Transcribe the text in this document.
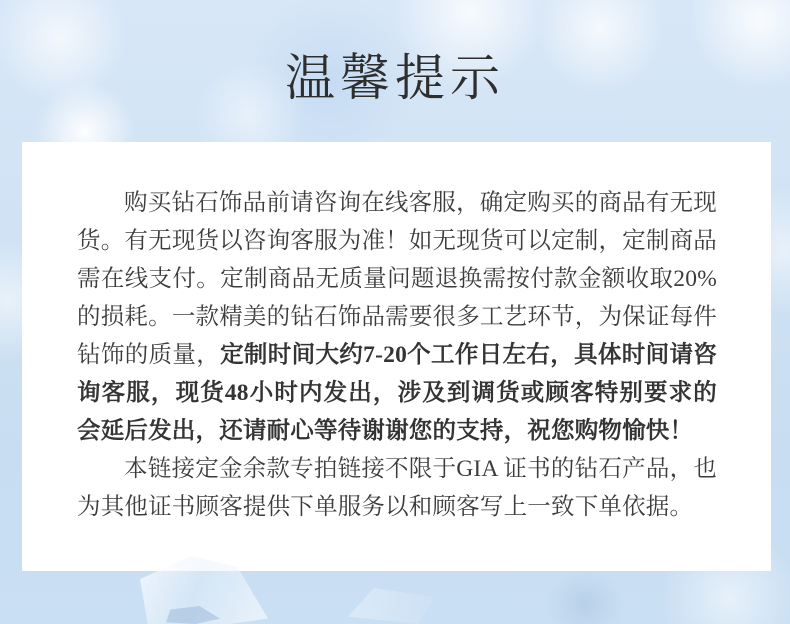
温馨提示

购买钻石饰品前请咨询在线客服，确定购买的商品有无现货。有无现货以咨询客服为准！如无现货可以定制，定制商品需在线支付。定制商品无质量问题退换需按付款金额收取20%的损耗。一款精美的钻石饰品需要很多工艺环节，为保证每件钻饰的质量，定制时间大约7-20个工作日左右，具体时间请咨询客服，现货48小时内发出，涉及到调货或顾客特别要求的会延后发出，还请耐心等待谢谢您的支持，祝您购物愉快！

本链接定金余款专拍链接不限于GIA 证书的钻石产品，也为其他证书顾客提供下单服务以和顾客写上一致下单依据。
